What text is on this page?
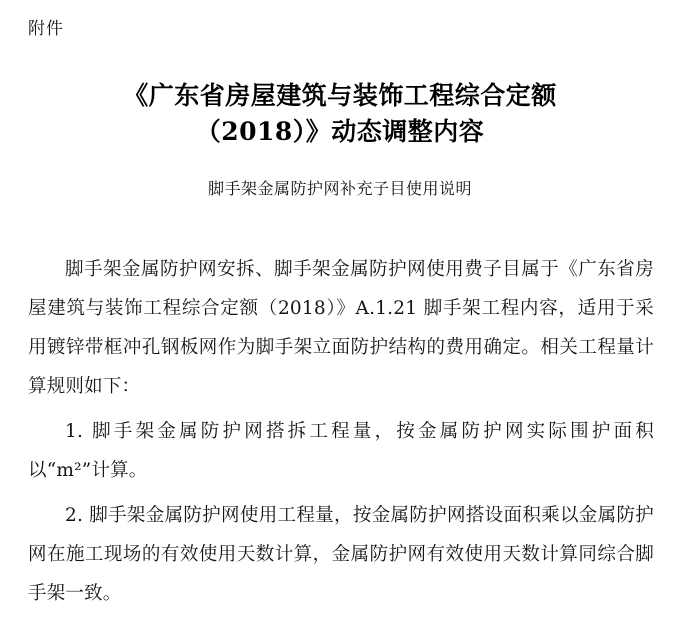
附件
《广东省房屋建筑与装饰工程综合定额
（2018）》动态调整内容
脚手架金属防护网补充子目使用说明

脚手架金属防护网安拆、脚手架金属防护网使用费子目属于《广东省房屋建筑与装饰工程综合定额（2018）》A.1.21 脚手架工程内容，适用于采用镀锌带框冲孔钢板网作为脚手架立面防护结构的费用确定。相关工程量计算规则如下：

1. 脚手架金属防护网搭拆工程量，按金属防护网实际围护面积以“m²”计算。

2. 脚手架金属防护网使用工程量，按金属防护网搭设面积乘以金属防护网在施工现场的有效使用天数计算，金属防护网有效使用天数计算同综合脚手架一致。
